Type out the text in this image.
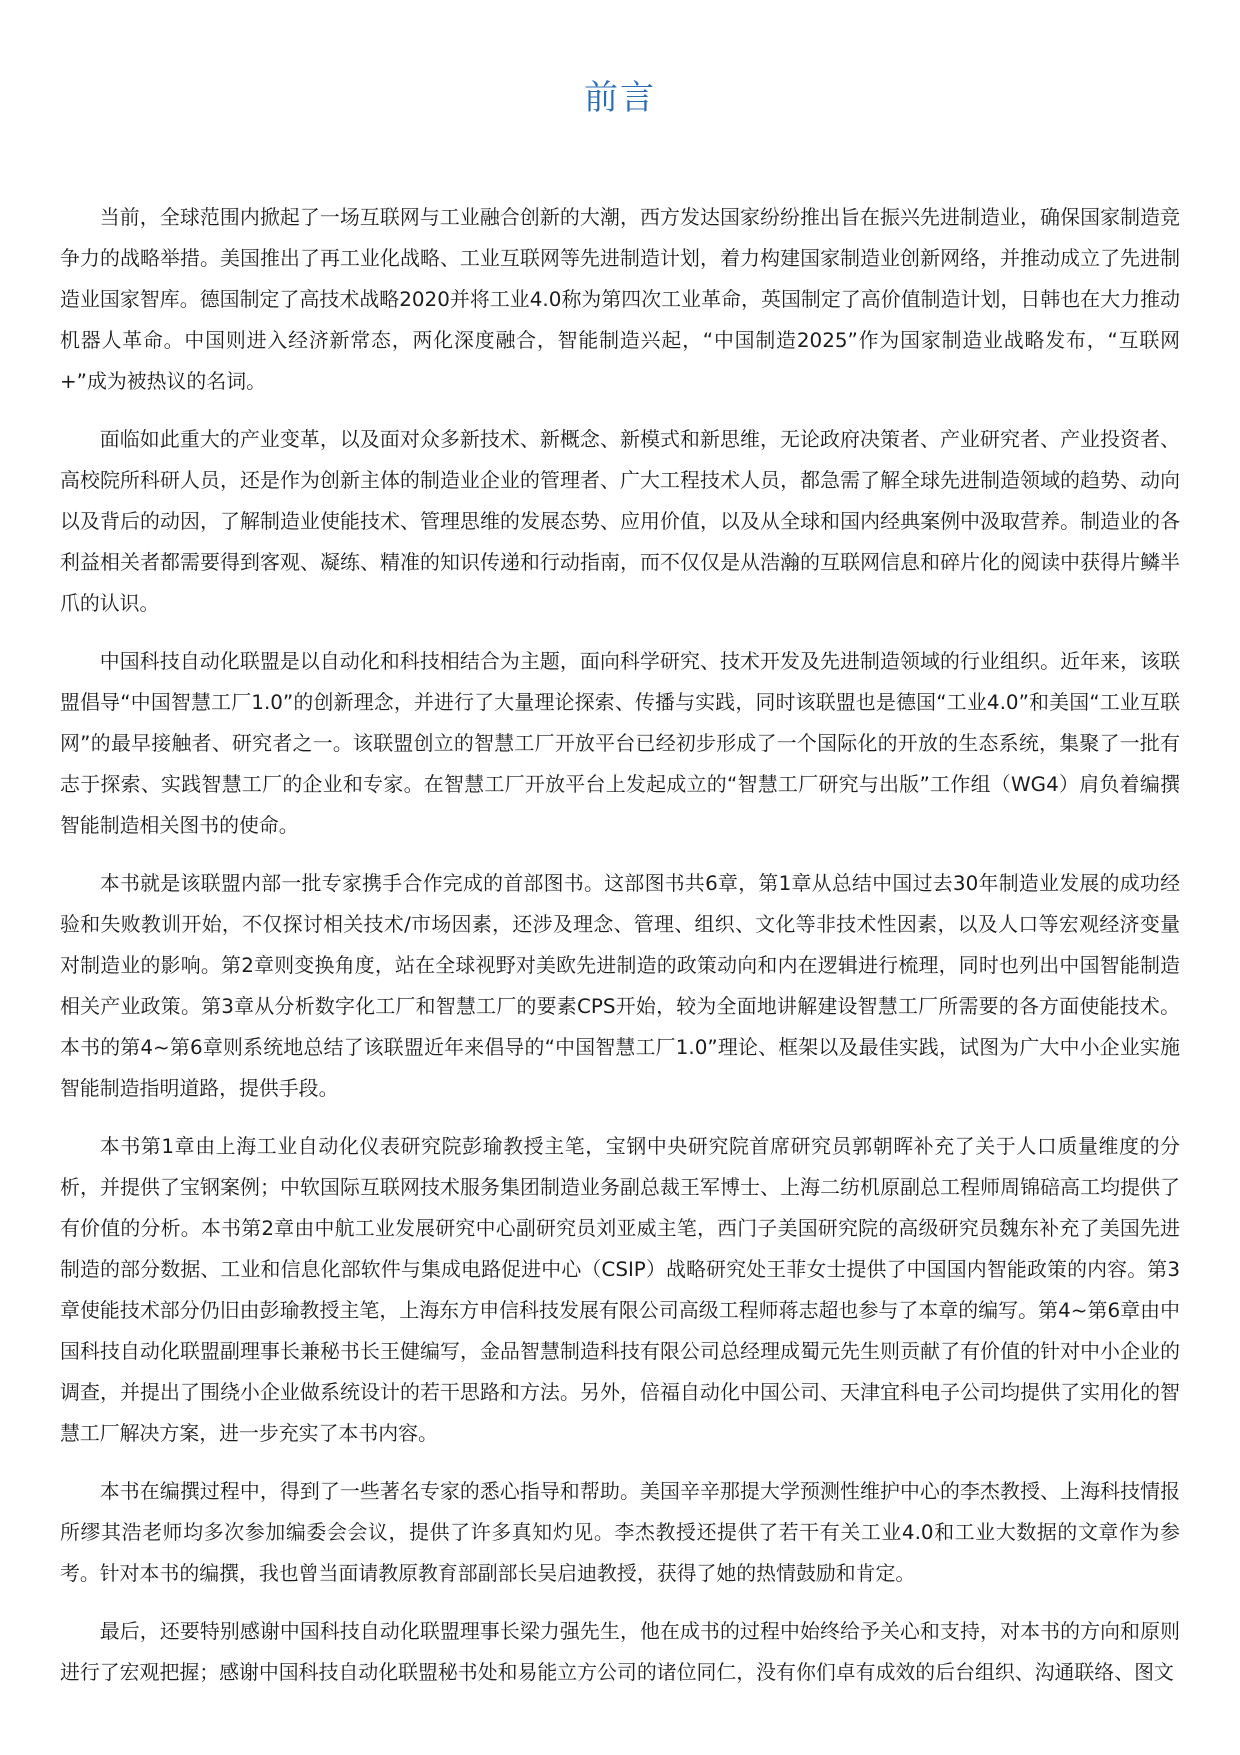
前言

当前，全球范围内掀起了一场互联网与工业融合创新的大潮，西方发达国家纷纷推出旨在振兴先进制造业，确保国家制造竞争力的战略举措。美国推出了再工业化战略、工业互联网等先进制造计划，着力构建国家制造业创新网络，并推动成立了先进制造业国家智库。德国制定了高技术战略2020并将工业4.0称为第四次工业革命，英国制定了高价值制造计划，日韩也在大力推动机器人革命。中国则进入经济新常态，两化深度融合，智能制造兴起，“中国制造2025”作为国家制造业战略发布，“互联网+”成为被热议的名词。

面临如此重大的产业变革，以及面对众多新技术、新概念、新模式和新思维，无论政府决策者、产业研究者、产业投资者、高校院所科研人员，还是作为创新主体的制造业企业的管理者、广大工程技术人员，都急需了解全球先进制造领域的趋势、动向以及背后的动因，了解制造业使能技术、管理思维的发展态势、应用价值，以及从全球和国内经典案例中汲取营养。制造业的各利益相关者都需要得到客观、凝练、精准的知识传递和行动指南，而不仅仅是从浩瀚的互联网信息和碎片化的阅读中获得片鳞半爪的认识。

中国科技自动化联盟是以自动化和科技相结合为主题，面向科学研究、技术开发及先进制造领域的行业组织。近年来，该联盟倡导“中国智慧工厂1.0”的创新理念，并进行了大量理论探索、传播与实践，同时该联盟也是德国“工业4.0”和美国“工业互联网”的最早接触者、研究者之一。该联盟创立的智慧工厂开放平台已经初步形成了一个国际化的开放的生态系统，集聚了一批有志于探索、实践智慧工厂的企业和专家。在智慧工厂开放平台上发起成立的“智慧工厂研究与出版”工作组（WG4）肩负着编撰智能制造相关图书的使命。

本书就是该联盟内部一批专家携手合作完成的首部图书。这部图书共6章，第1章从总结中国过去30年制造业发展的成功经验和失败教训开始，不仅探讨相关技术/市场因素，还涉及理念、管理、组织、文化等非技术性因素，以及人口等宏观经济变量对制造业的影响。第2章则变换角度，站在全球视野对美欧先进制造的政策动向和内在逻辑进行梳理，同时也列出中国智能制造相关产业政策。第3章从分析数字化工厂和智慧工厂的要素CPS开始，较为全面地讲解建设智慧工厂所需要的各方面使能技术。本书的第4~第6章则系统地总结了该联盟近年来倡导的“中国智慧工厂1.0”理论、框架以及最佳实践，试图为广大中小企业实施智能制造指明道路，提供手段。

本书第1章由上海工业自动化仪表研究院彭瑜教授主笔，宝钢中央研究院首席研究员郭朝晖补充了关于人口质量维度的分析，并提供了宝钢案例；中软国际互联网技术服务集团制造业务副总裁王军博士、上海二纺机原副总工程师周锦碚高工均提供了有价值的分析。本书第2章由中航工业发展研究中心副研究员刘亚威主笔，西门子美国研究院的高级研究员魏东补充了美国先进制造的部分数据、工业和信息化部软件与集成电路促进中心（CSIP）战略研究处王菲女士提供了中国国内智能政策的内容。第3章使能技术部分仍旧由彭瑜教授主笔，上海东方申信科技发展有限公司高级工程师蒋志超也参与了本章的编写。第4~第6章由中国科技自动化联盟副理事长兼秘书长王健编写，金品智慧制造科技有限公司总经理成蜀元先生则贡献了有价值的针对中小企业的调查，并提出了围绕小企业做系统设计的若干思路和方法。另外，倍福自动化中国公司、天津宜科电子公司均提供了实用化的智慧工厂解决方案，进一步充实了本书内容。

本书在编撰过程中，得到了一些著名专家的悉心指导和帮助。美国辛辛那提大学预测性维护中心的李杰教授、上海科技情报所缪其浩老师均多次参加编委会会议，提供了许多真知灼见。李杰教授还提供了若干有关工业4.0和工业大数据的文章作为参考。针对本书的编撰，我也曾当面请教原教育部副部长吴启迪教授，获得了她的热情鼓励和肯定。

最后，还要特别感谢中国科技自动化联盟理事长梁力强先生，他在成书的过程中始终给予关心和支持，对本书的方向和原则进行了宏观把握；感谢中国科技自动化联盟秘书处和易能立方公司的诸位同仁，没有你们卓有成效的后台组织、沟通联络、图文
